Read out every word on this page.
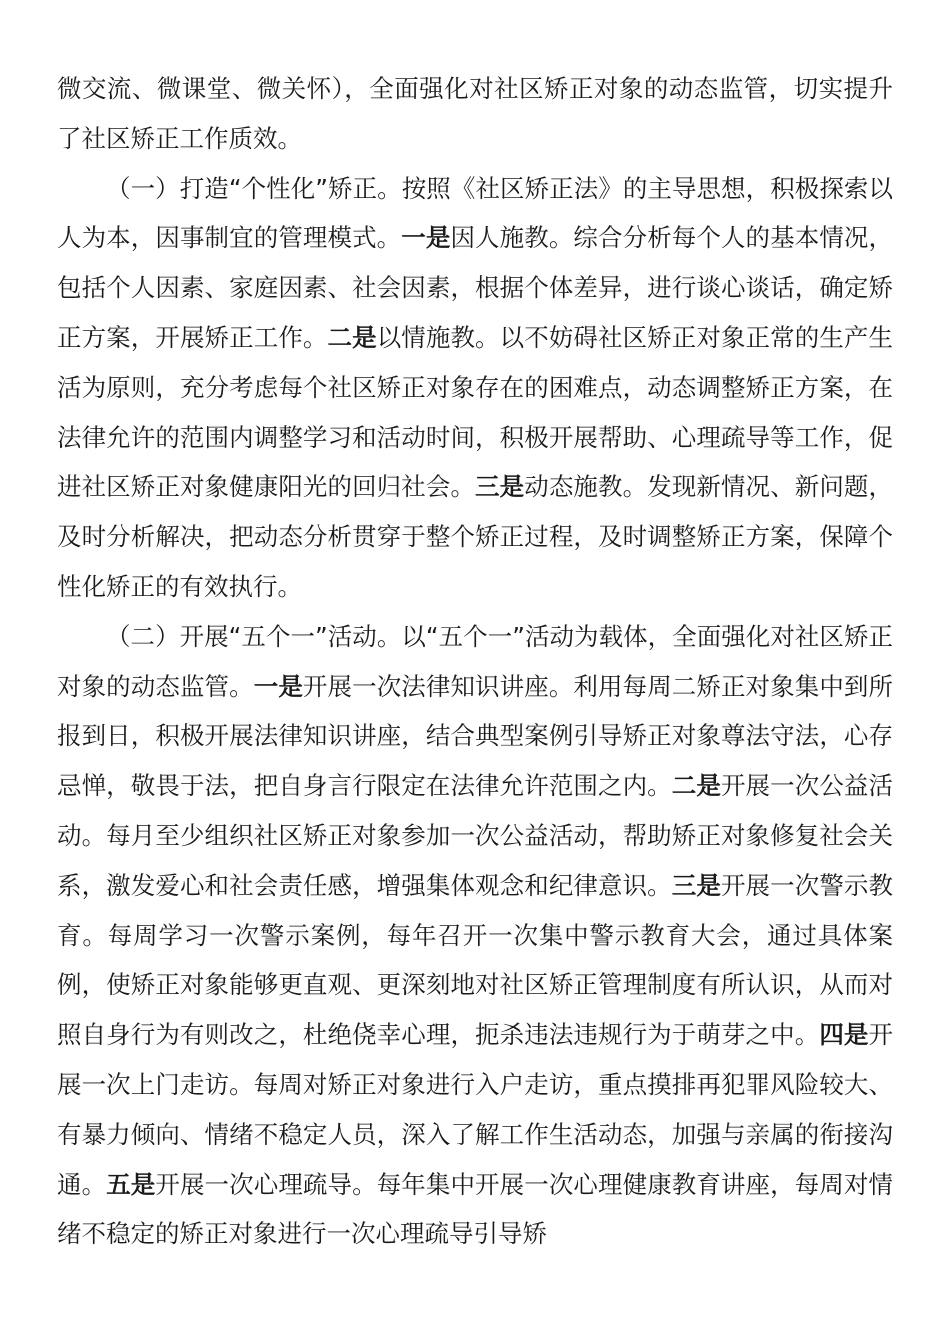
微交流、微课堂、微关怀），全面强化对社区矫正对象的动态监管，切实提升了社区矫正工作质效。

（一）打造“个性化”矫正。按照《社区矫正法》的主导思想，积极探索以人为本，因事制宜的管理模式。一是因人施教。综合分析每个人的基本情况，包括个人因素、家庭因素、社会因素，根据个体差异，进行谈心谈话，确定矫正方案，开展矫正工作。二是以情施教。以不妨碍社区矫正对象正常的生产生活为原则，充分考虑每个社区矫正对象存在的困难点，动态调整矫正方案，在法律允许的范围内调整学习和活动时间，积极开展帮助、心理疏导等工作，促进社区矫正对象健康阳光的回归社会。三是动态施教。发现新情况、新问题，及时分析解决，把动态分析贯穿于整个矫正过程，及时调整矫正方案，保障个性化矫正的有效执行。

（二）开展“五个一”活动。以“五个一”活动为载体，全面强化对社区矫正对象的动态监管。一是开展一次法律知识讲座。利用每周二矫正对象集中到所报到日，积极开展法律知识讲座，结合典型案例引导矫正对象尊法守法，心存忌惮，敬畏于法，把自身言行限定在法律允许范围之内。二是开展一次公益活动。每月至少组织社区矫正对象参加一次公益活动，帮助矫正对象修复社会关系，激发爱心和社会责任感，增强集体观念和纪律意识。三是开展一次警示教育。每周学习一次警示案例，每年召开一次集中警示教育大会，通过具体案例，使矫正对象能够更直观、更深刻地对社区矫正管理制度有所认识，从而对照自身行为有则改之，杜绝侥幸心理，扼杀违法违规行为于萌芽之中。四是开展一次上门走访。每周对矫正对象进行入户走访，重点摸排再犯罪风险较大、有暴力倾向、情绪不稳定人员，深入了解工作生活动态，加强与亲属的衔接沟通。五是开展一次心理疏导。每年集中开展一次心理健康教育讲座，每周对情绪不稳定的矫正对象进行一次心理疏导引导矫
